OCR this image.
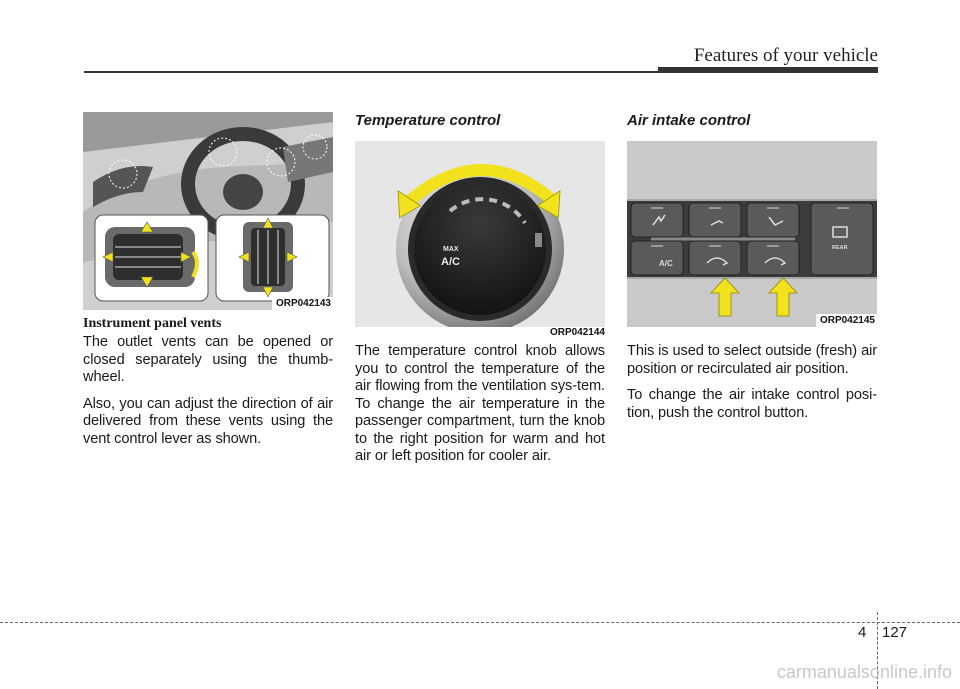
Features of your vehicle
ORP042143
Instrument panel vents

The outlet vents can be opened or closed separately using the thumb-wheel.

Also, you can adjust the direction of air delivered from these vents using the vent control lever as shown.

Temperature control
MAX
A/C
ORP042144

The temperature control knob allows you to control the temperature of the air flowing from the ventilation sys-tem. To change the air temperature in the passenger compartment, turn the knob to the right position for warm and hot air or left position for cooler air.

Air intake control
A/C
REAR
ORP042145

This is used to select outside (fresh) air position or recirculated air position.

To change the air intake control posi-tion, push the control button.

4 127
carmanualsonline.info
